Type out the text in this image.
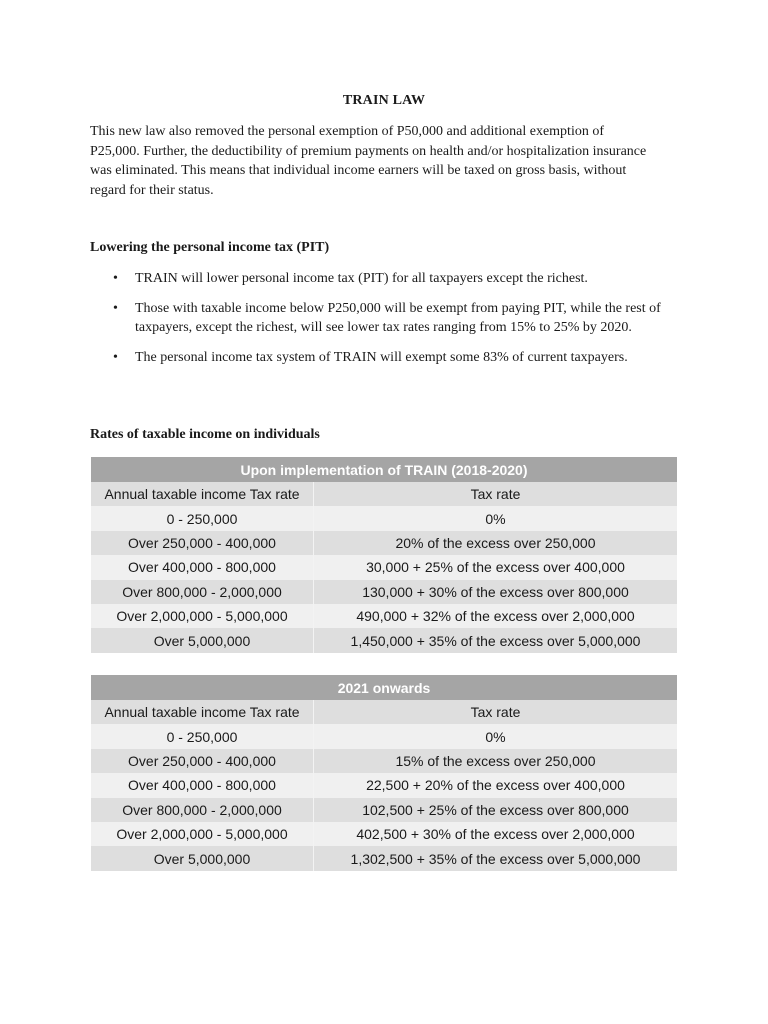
TRAIN LAW

This new law also removed the personal exemption of P50,000 and additional exemption of P25,000. Further, the deductibility of premium payments on health and/or hospitalization insurance was eliminated. This means that individual income earners will be taxed on gross basis, without regard for their status.

Lowering the personal income tax (PIT)
• TRAIN will lower personal income tax (PIT) for all taxpayers except the richest.
• Those with taxable income below P250,000 will be exempt from paying PIT, while the rest of taxpayers, except the richest, will see lower tax rates ranging from 15% to 25% by 2020.
• The personal income tax system of TRAIN will exempt some 83% of current taxpayers.
Rates of taxable income on individuals
Upon implementation of TRAIN (2018-2020)	
Annual taxable income Tax rate	Tax rate
0 - 250,000	0%
Over 250,000 - 400,000	20% of the excess over 250,000
Over 400,000 - 800,000	30,000 + 25% of the excess over 400,000
Over 800,000 - 2,000,000	130,000 + 30% of the excess over 800,000
Over 2,000,000 - 5,000,000	490,000 + 32% of the excess over 2,000,000
Over 5,000,000	1,450,000 + 35% of the excess over 5,000,000
2021 onwards	
Annual taxable income Tax rate	Tax rate
0 - 250,000	0%
Over 250,000 - 400,000	15% of the excess over 250,000
Over 400,000 - 800,000	22,500 + 20% of the excess over 400,000
Over 800,000 - 2,000,000	102,500 + 25% of the excess over 800,000
Over 2,000,000 - 5,000,000	402,500 + 30% of the excess over 2,000,000
Over 5,000,000	1,302,500 + 35% of the excess over 5,000,000
